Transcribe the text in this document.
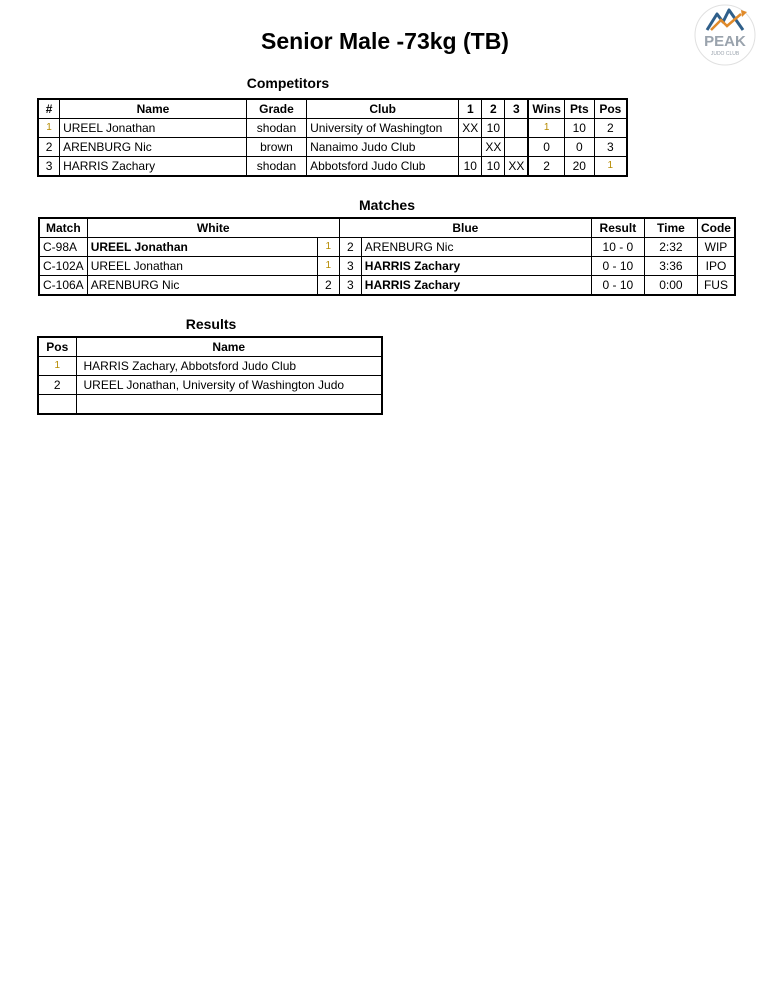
Senior Male -73kg (TB)	PEAK
JUDO CLUB
Competitors
#	Name	Grade	Club	1	2	3	Wins	Pts	Pos
1	UREEL Jonathan	shodan	University of Washington	XX	10		1	10	2
2	ARENBURG Nic	brown	Nanaimo Judo Club		XX		0	0	3
3	HARRIS Zachary	shodan	Abbotsford Judo Club	10	10	XX	2	20	1
Matches
Match	White		Blue		Result	Time	Code
C-98A	UREEL Jonathan	1	2	ARENBURG Nic	10 - 0	2:32	WIP
C-102A	UREEL Jonathan	1	3	HARRIS Zachary	0 - 10	3:36	IPO
C-106A	ARENBURG Nic	2	3	HARRIS Zachary	0 - 10	0:00	FUS
Results
Pos	Name
1	HARRIS Zachary, Abbotsford Judo Club
2	UREEL Jonathan, University of Washington Judo
